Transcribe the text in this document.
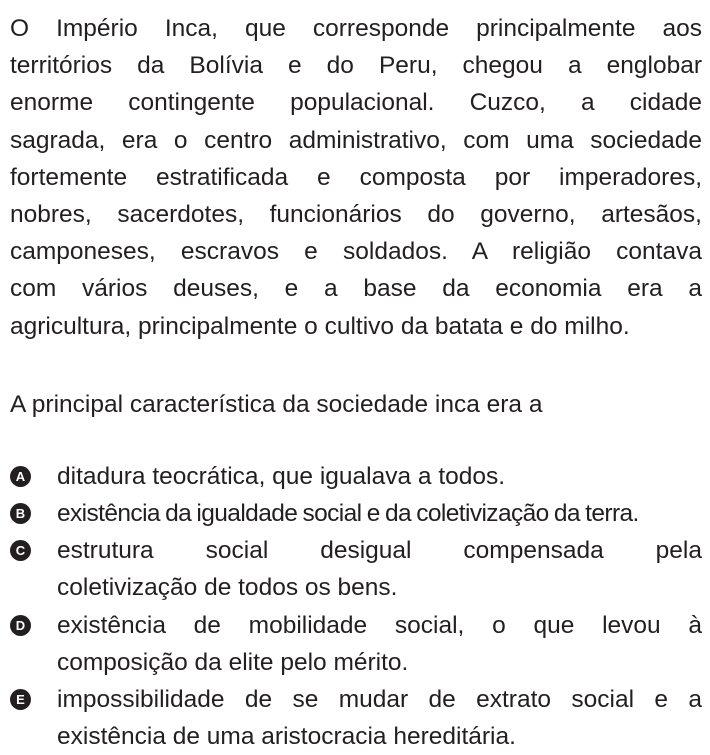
O Império Inca, que corresponde principalmente aos
territórios da Bolívia e do Peru, chegou a englobar
enorme contingente populacional. Cuzco, a cidade
sagrada, era o centro administrativo, com uma sociedade
fortemente estratificada e composta por imperadores,
nobres, sacerdotes, funcionários do governo, artesãos,
camponeses, escravos e soldados. A religião contava
com vários deuses, e a base da economia era a
agricultura, principalmente o cultivo da batata e do milho.
A principal característica da sociedade inca era a
A ditadura teocrática, que igualava a todos.
B existência da igualdade social e da coletivização da terra.
C estrutura social desigual compensada pela
coletivização de todos os bens.
D existência de mobilidade social, o que levou à
composição da elite pelo mérito.
E impossibilidade de se mudar de extrato social e a
existência de uma aristocracia hereditária.
